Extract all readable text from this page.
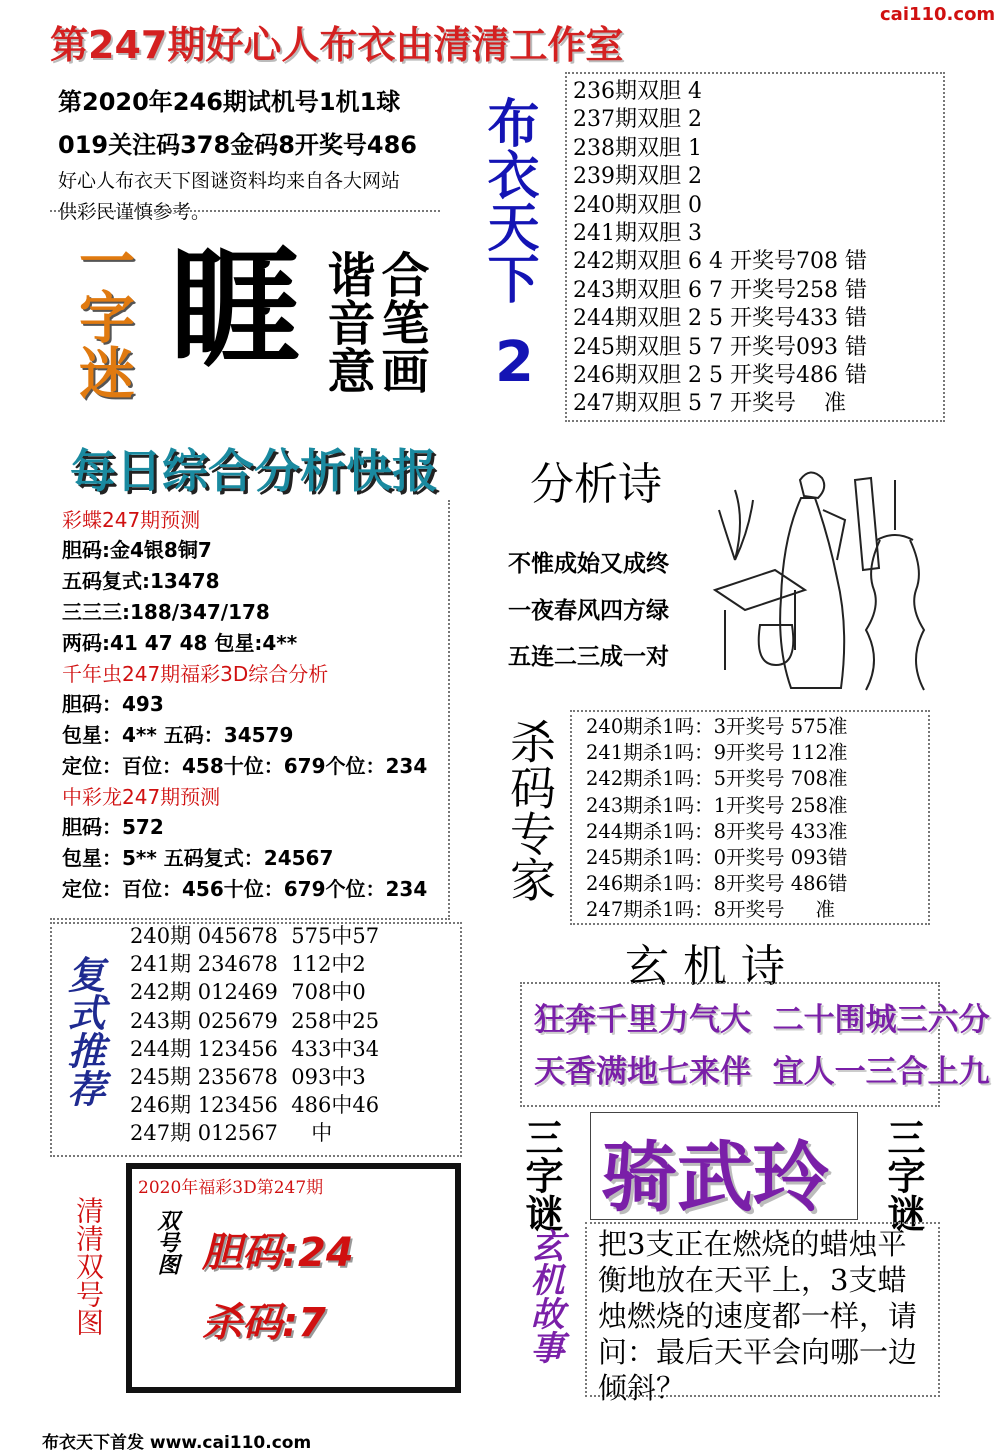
第247期好心人布衣由清清工作室
cai110.com
第2020年246期试机号1机1球
019关注码378金码8开奖号486
好心人布衣天下图谜资料均来自各大网站
供彩民谨慎参考。	布衣天下
2
236期双胆 4
237期双胆 2
238期双胆 1
239期双胆 2
240期双胆 0
241期双胆 3
242期双胆 6 4 开奖号708 错
243期双胆 6 7 开奖号258 错
244期双胆 2 5 开奖号433 错
245期双胆 5 7 开奖号093 错
246期双胆 2 5 开奖号486 错
247期双胆 5 7 开奖号    准
一字迷 睚 谐音意
合笔画
每日综合分析快报
彩蝶247期预测
胆码:金4银8铜7
五码复式:13478
三三三:188/347/178
两码:41 47 48 包星:4**
千年虫247期福彩3D综合分析
胆码：493
包星：4** 五码：34579
定位：百位：458十位：679个位：234
中彩龙247期预测
胆码：572
包星：5** 五码复式：24567
定位：百位：456十位：679个位：234
分析诗
不惟成始又成终
一夜春风四方绿
五连二三成一对
杀码专家 240期杀1吗：3开奖号 575准
241期杀1吗：9开奖号 112准
242期杀1吗：5开奖号 708准
243期杀1吗：1开奖号 258准
244期杀1吗：8开奖号 433准
245期杀1吗：0开奖号 093错
246期杀1吗：8开奖号 486错
247期杀1吗：8开奖号     准
复式推荐
240期 045678  575中57
241期 234678  112中2
242期 012469  708中0
243期 025679  258中25
244期 123456  433中34
245期 235678  093中3
246期 123456  486中46
247期 012567     中
玄 机 诗
狂奔千里力气大  二十围城三六分
天香满地七来伴  宜人一三合上九
三字谜 骑武玲 三字谜
玄机故事 把3支正在燃烧的蜡烛平衡地放在天平上，3支蜡烛燃烧的速度都一样，请问：最后天平会向哪一边倾斜？
清清双号图
2020年福彩3D第247期
双号图 胆码:24
杀码:7
布衣天下首发 www.cai110.com
